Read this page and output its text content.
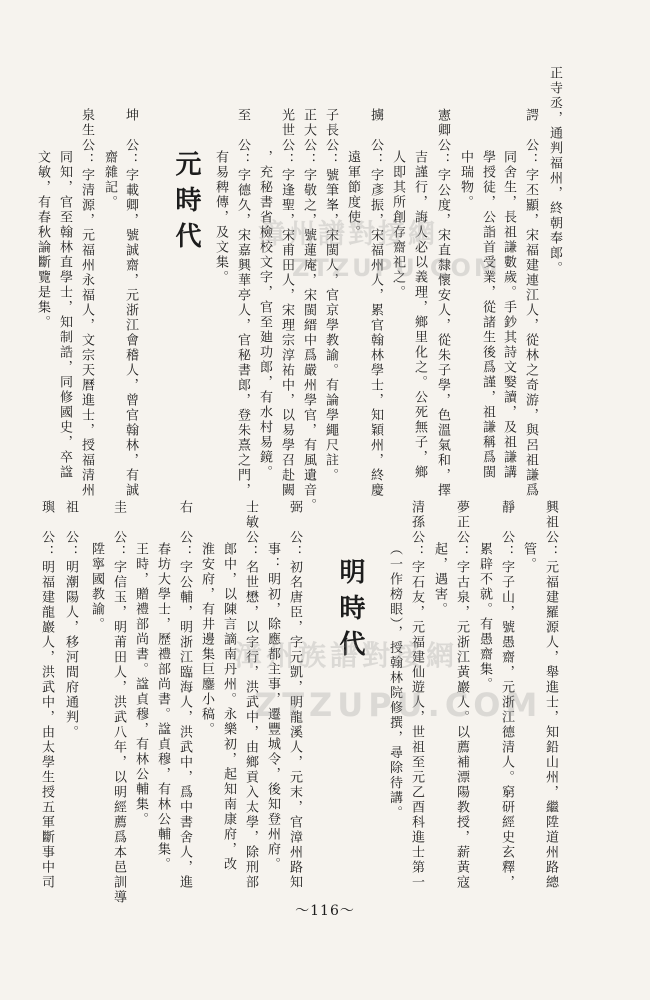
正寺丞，通判福州，終朝奉郎。
諤　公：字丕顯，宋福建連江人，從林之奇游，與呂祖謙爲
同舍生，長祖謙數歲。手鈔其詩文嫛讀，及祖謙講
學授徒，公詣首受業，從諸生後爲謹，祖謙稱爲閩
中瑞物。
憲卿公：字公度，宋直隸懷安人，從朱子學，色溫氣和，擇
吉謹行，誨人必以義理，鄉里化之。公死無子，鄉
人即其所創存齋祀之。
擄　公：字彥振，宋福州人，累官翰林學士，知穎州，終慶
遠軍節度使。
子長公：號筆峯，宋閩人，官京學教諭。有論學繩尺註。
正大公：字敬之，號蓮庵，宋閩縉中爲嚴州學官，有風遺音。
光世公：字逢聖，宋甫田人，宋理宗淳祐中，以易學召赴闕
，充秘書省檢校文字，官至廸功郎，有水村易鏡。
至　公：字德久，宋嘉興華亭人，官秘書郎，登朱熹之門，
有易稗傳，及文集。
元時代
坤　公：字載卿，號誠齋，元浙江會稽人，曾官翰林，有誠
齋雜記。
泉生公：字清源，元福州永福人，文宗天曆進士，授福清州
同知，官至翰林直學士，知制誥，同修國史，卒諡
文敏，有春秋論斷覽是集。
興祖公：元福建羅源人，舉進士，知鉛山州，繼陞道州路總
管。
靜　公：字子山，號愚齋，元浙江德清人。窮研經史玄釋，
累辟不就。有愚齋集。
夢正公：字古泉，元浙江黃巖人。以薦補漂陽教授，薪黃寇
起，遇害。
清孫公：字石友，元福建仙遊人，世祖至元乙酉科進士第一
（一作榜眼），授翰林院修撰，尋除待講。
明時代
弼　公：初名唐臣，字元凱，明龍溪人，元末，官漳州路知
事：明初，除應都主事，遷豐城令，後知登州府。
士敏公：名世懋，以字行，洪武中，由鄉貢入太學，除刑部
郎中，以陳言謫南丹州。永樂初，起知南康府，改
淮安府，有井邊集巨鏖小稿。
右　公：字公輔，明浙江臨海人，洪武中，爲中書舍人，進
春坊大學士，歷禮部尚書。諡貞穆，有林公輔集。
王時，贈禮部尚書。諡貞穆，有林公輔集。
圭　公：字信玉，明莆田人，洪武八年，以明經薦爲本邑訓導
陞寧國教諭。
祖　公：明潮陽人，移河間府通判。
璵　公：明福建龍巖人，洪武中，由太學生授五軍斷事中司
漳州譜對接網
ZTZUPU.COM
漳州族譜對接網
ZTZUPU.COM
～116～
